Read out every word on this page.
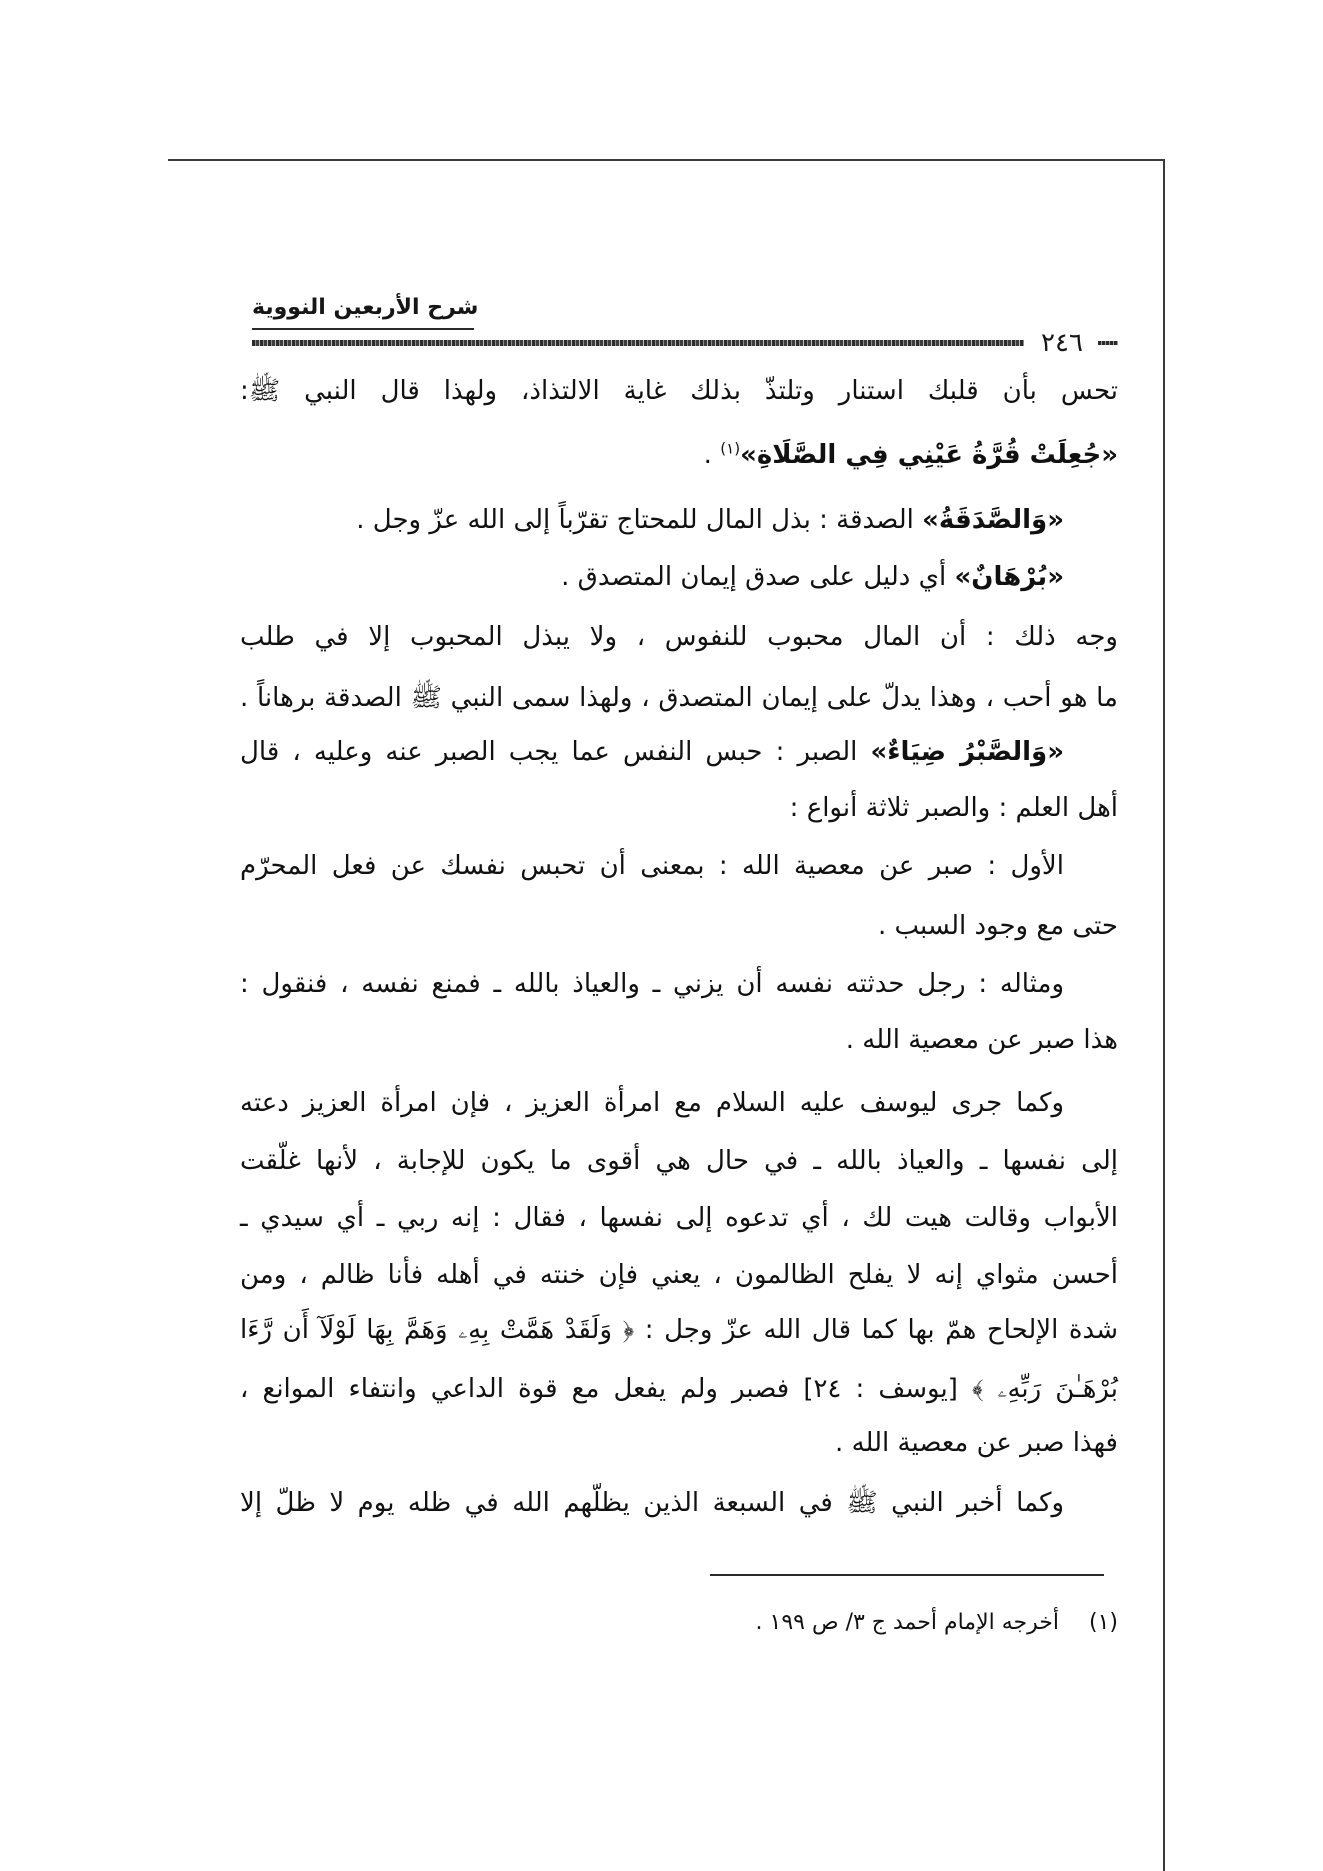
شرح الأربعين النووية
٢٤٦
تحس بأن قلبك استنار وتلتذّ بذلك غاية الالتذاذ، ولهذا قال النبي ﷺ:
«جُعِلَتْ قُرَّةُ عَيْنِي فِي الصَّلَاةِ»$^{(١)}$ .
«وَالصَّدَقَةُ» الصدقة : بذل المال للمحتاج تقرّباً إلى الله عزّ وجل .
«بُرْهَانٌ» أي دليل على صدق إيمان المتصدق .
وجه ذلك : أن المال محبوب للنفوس ، ولا يبذل المحبوب إلا في طلب
ما هو أحب ، وهذا يدلّ على إيمان المتصدق ، ولهذا سمى النبي ﷺ الصدقة برهاناً .
«وَالصَّبْرُ ضِيَاءٌ» الصبر : حبس النفس عما يجب الصبر عنه وعليه ، قال
أهل العلم : والصبر ثلاثة أنواع :
الأول : صبر عن معصية الله : بمعنى أن تحبس نفسك عن فعل المحرّم
حتى مع وجود السبب .
ومثاله : رجل حدثته نفسه أن يزني ـ والعياذ بالله ـ فمنع نفسه ، فنقول :
هذا صبر عن معصية الله .
وكما جرى ليوسف عليه السلام مع امرأة العزيز ، فإن امرأة العزيز دعته
إلى نفسها ـ والعياذ بالله ـ في حال هي أقوى ما يكون للإجابة ، لأنها غلّقت
الأبواب وقالت هيت لك ، أي تدعوه إلى نفسها ، فقال : إنه ربي ـ أي سيدي ـ
أحسن مثواي إنه لا يفلح الظالمون ، يعني فإن خنته في أهله فأنا ظالم ، ومن
شدة الإلحاح همّ بها كما قال الله عزّ وجل : ﴿ وَلَقَدْ هَمَّتْ بِهِۦ وَهَمَّ بِهَا لَوْلَآ أَن رَّءَا
بُرْهَـٰنَ رَبِّهِۦ ﴾ [يوسف : ٢٤] فصبر ولم يفعل مع قوة الداعي وانتفاء الموانع ،
فهذا صبر عن معصية الله .
وكما أخبر النبي ﷺ في السبعة الذين يظلّهم الله في ظله يوم لا ظلّ إلا
(١)أخرجه الإمام أحمد ج ٣/ ص ١٩٩ .
